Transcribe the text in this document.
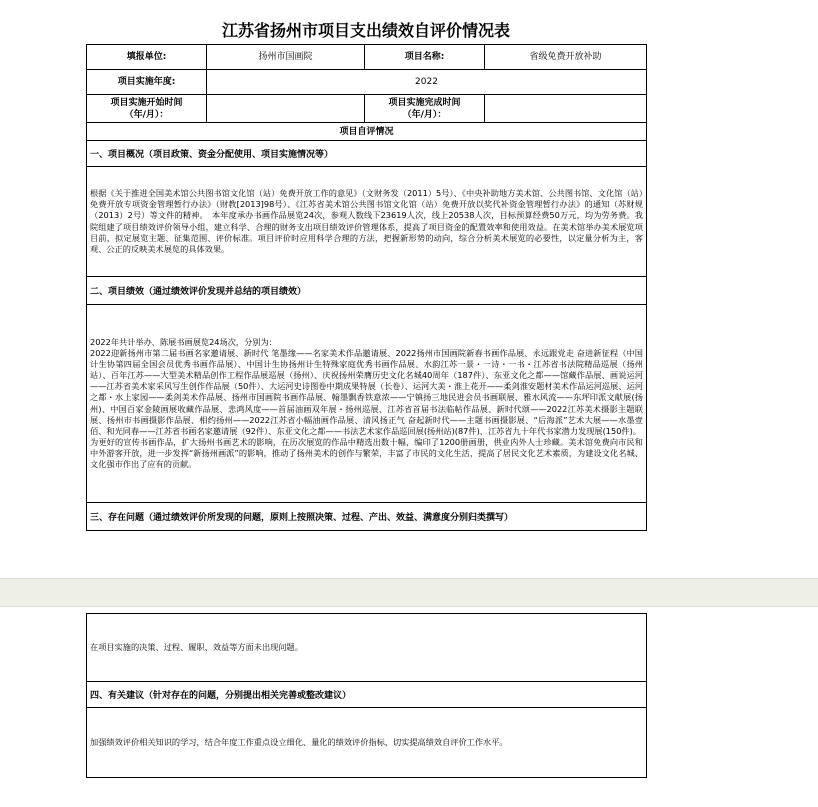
江苏省扬州市项目支出绩效自评价情况表
填报单位:	扬州市国画院	项目名称:	省级免费开放补助
项目实施年度:	2022
项目实施开始时间
（年/月）：
项目实施完成时间
（年/月）：
项目自评情况
一、项目概况（项目政策、资金分配使用、项目实施情况等）
根据《关于推进全国美术馆公共图书馆文化馆（站）免费开放工作的意见》（文财务发（2011）5号）、《中央补助地方美术馆、公共图书馆、文化馆（站）免费开放专项资金管理暂行办法》（财教[2013]98号）、《江苏省美术馆公共图书馆文化馆（站）免费开放以奖代补资金管理暂行办法》的通知（苏财规（2013）2号）等文件的精神。　本年度承办书画作品展览24次，参观人数线下23619人次，线上20538人次，目标预算经费50万元，均为劳务费。我院组建了项目绩效评价领导小组，建立科学、合理的财务支出项目绩效评价管理体系，提高了项目资金的配置效率和使用效益。在美术馆举办美术展览项目前，拟定展览主题、征集范围、评价标准。项目评价时应用科学合理的方法，把握新形势的动向，综合分析美术展览的必要性，以定量分析为主，客观、公正的反映美术展览的具体效果。
二、项目绩效（通过绩效评价发现并总结的项目绩效）

2022年共计举办、陈展书画展览24场次，分别为：

2022迎新扬州市第二届书画名家邀请展、新时代 笔墨缘——名家美术作品邀请展、2022扬州市国画院新春书画作品展、永远跟党走 奋进新征程（中国计生协第四届全国会员优秀书画作品展）、中国计生协扬州计生特殊家庭优秀书画作品展、水韵江苏一景・一诗・一书・江苏省书法院精品巡展（扬州站）、百年江苏——大型美术精品创作工程作品展巡展（扬州）、庆祝扬州荣膺历史文化名城40周年（187件）、东亚文化之都——馆藏作品展、画说运河——江苏省美术家采风写生创作作品展（50件）、大运河史诗图卷中期成果特展（长卷）、运河大美・淮上花开——柔剑淮安题材美术作品运河巡展、运河之都・水上家园——柔剑美术作品展、扬州市国画院书画作品展、翰墨飘香铁意浓——宁镇扬三地民进会员书画联展、雅水风流——东坪印派文献展(扬州)、中国百家金陵画展收藏作品展、悲鸿风度——首届油画双年展・扬州巡展、江苏省首届书法临帖作品展、新时代颂——2022江苏美术摄影主题联展、扬州市书画摄影作品展、相约扬州——2022江苏省小幅油画作品展、清风扬正气 奋起新时代——主题书画摄影展、“后海派”艺术大展——水墨壹佰、和光同春——江苏省书画名家邀请展（92件）、东亚文化之都——书法艺术家作品巡回展(扬州站)(87件)、江苏省九十年代书家潜力发现展(150件)。

为更好的宣传书画作品，扩大扬州书画艺术的影响，在历次展览的作品中精选出数十幅，编印了1200册画册，供业内外人士珍藏。美术馆免费向市民和中外游客开放，进一步发挥“新扬州画派”的影响，推动了扬州美术的创作与繁荣，丰富了市民的文化生活，提高了居民文化艺术素质，为建设文化名城、文化强市作出了应有的贡献。

三、存在问题（通过绩效评价所发现的问题，原则上按照决策、过程、产出、效益、满意度分别归类撰写）
在项目实施的决策、过程、履职、效益等方面未出现问题。
四、有关建议（针对存在的问题，分别提出相关完善或整改建议）
加强绩效评价相关知识的学习，结合年度工作重点设立细化、量化的绩效评价指标，切实提高绩效自评价工作水平。
